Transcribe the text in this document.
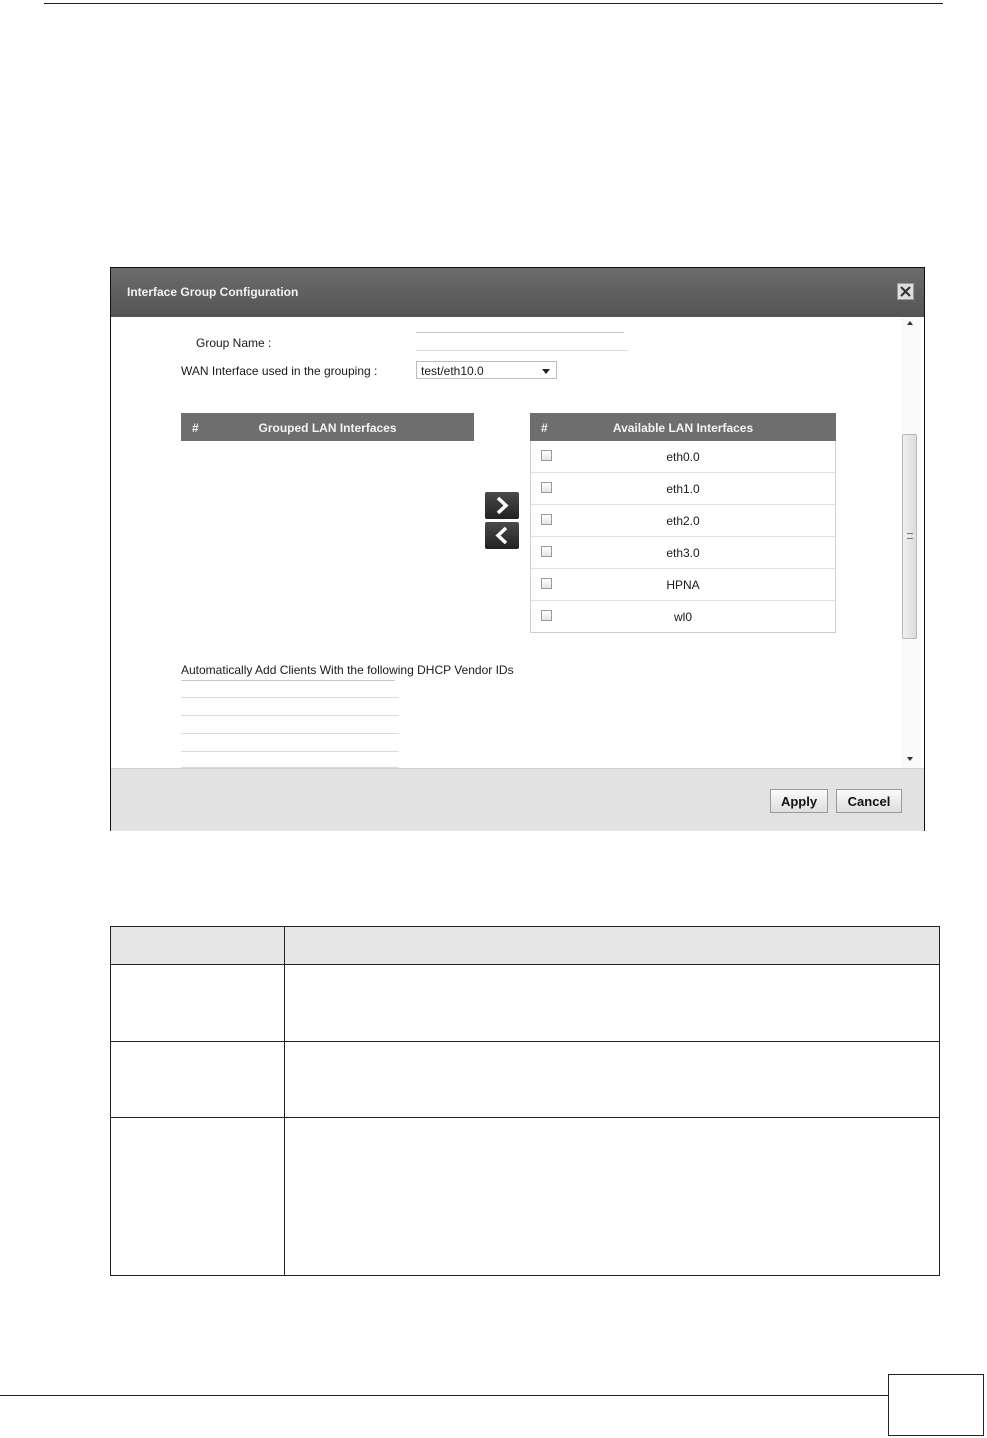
Interface Group Configuration
Group Name :
WAN Interface used in the grouping :	test/eth10.0
#	Grouped LAN Interfaces	#	Available LAN Interfaces
eth0.0
eth1.0
eth2.0
eth3.0
HPNA
wl0
Automatically Add Clients With the following DHCP Vendor IDs
Apply	Cancel
